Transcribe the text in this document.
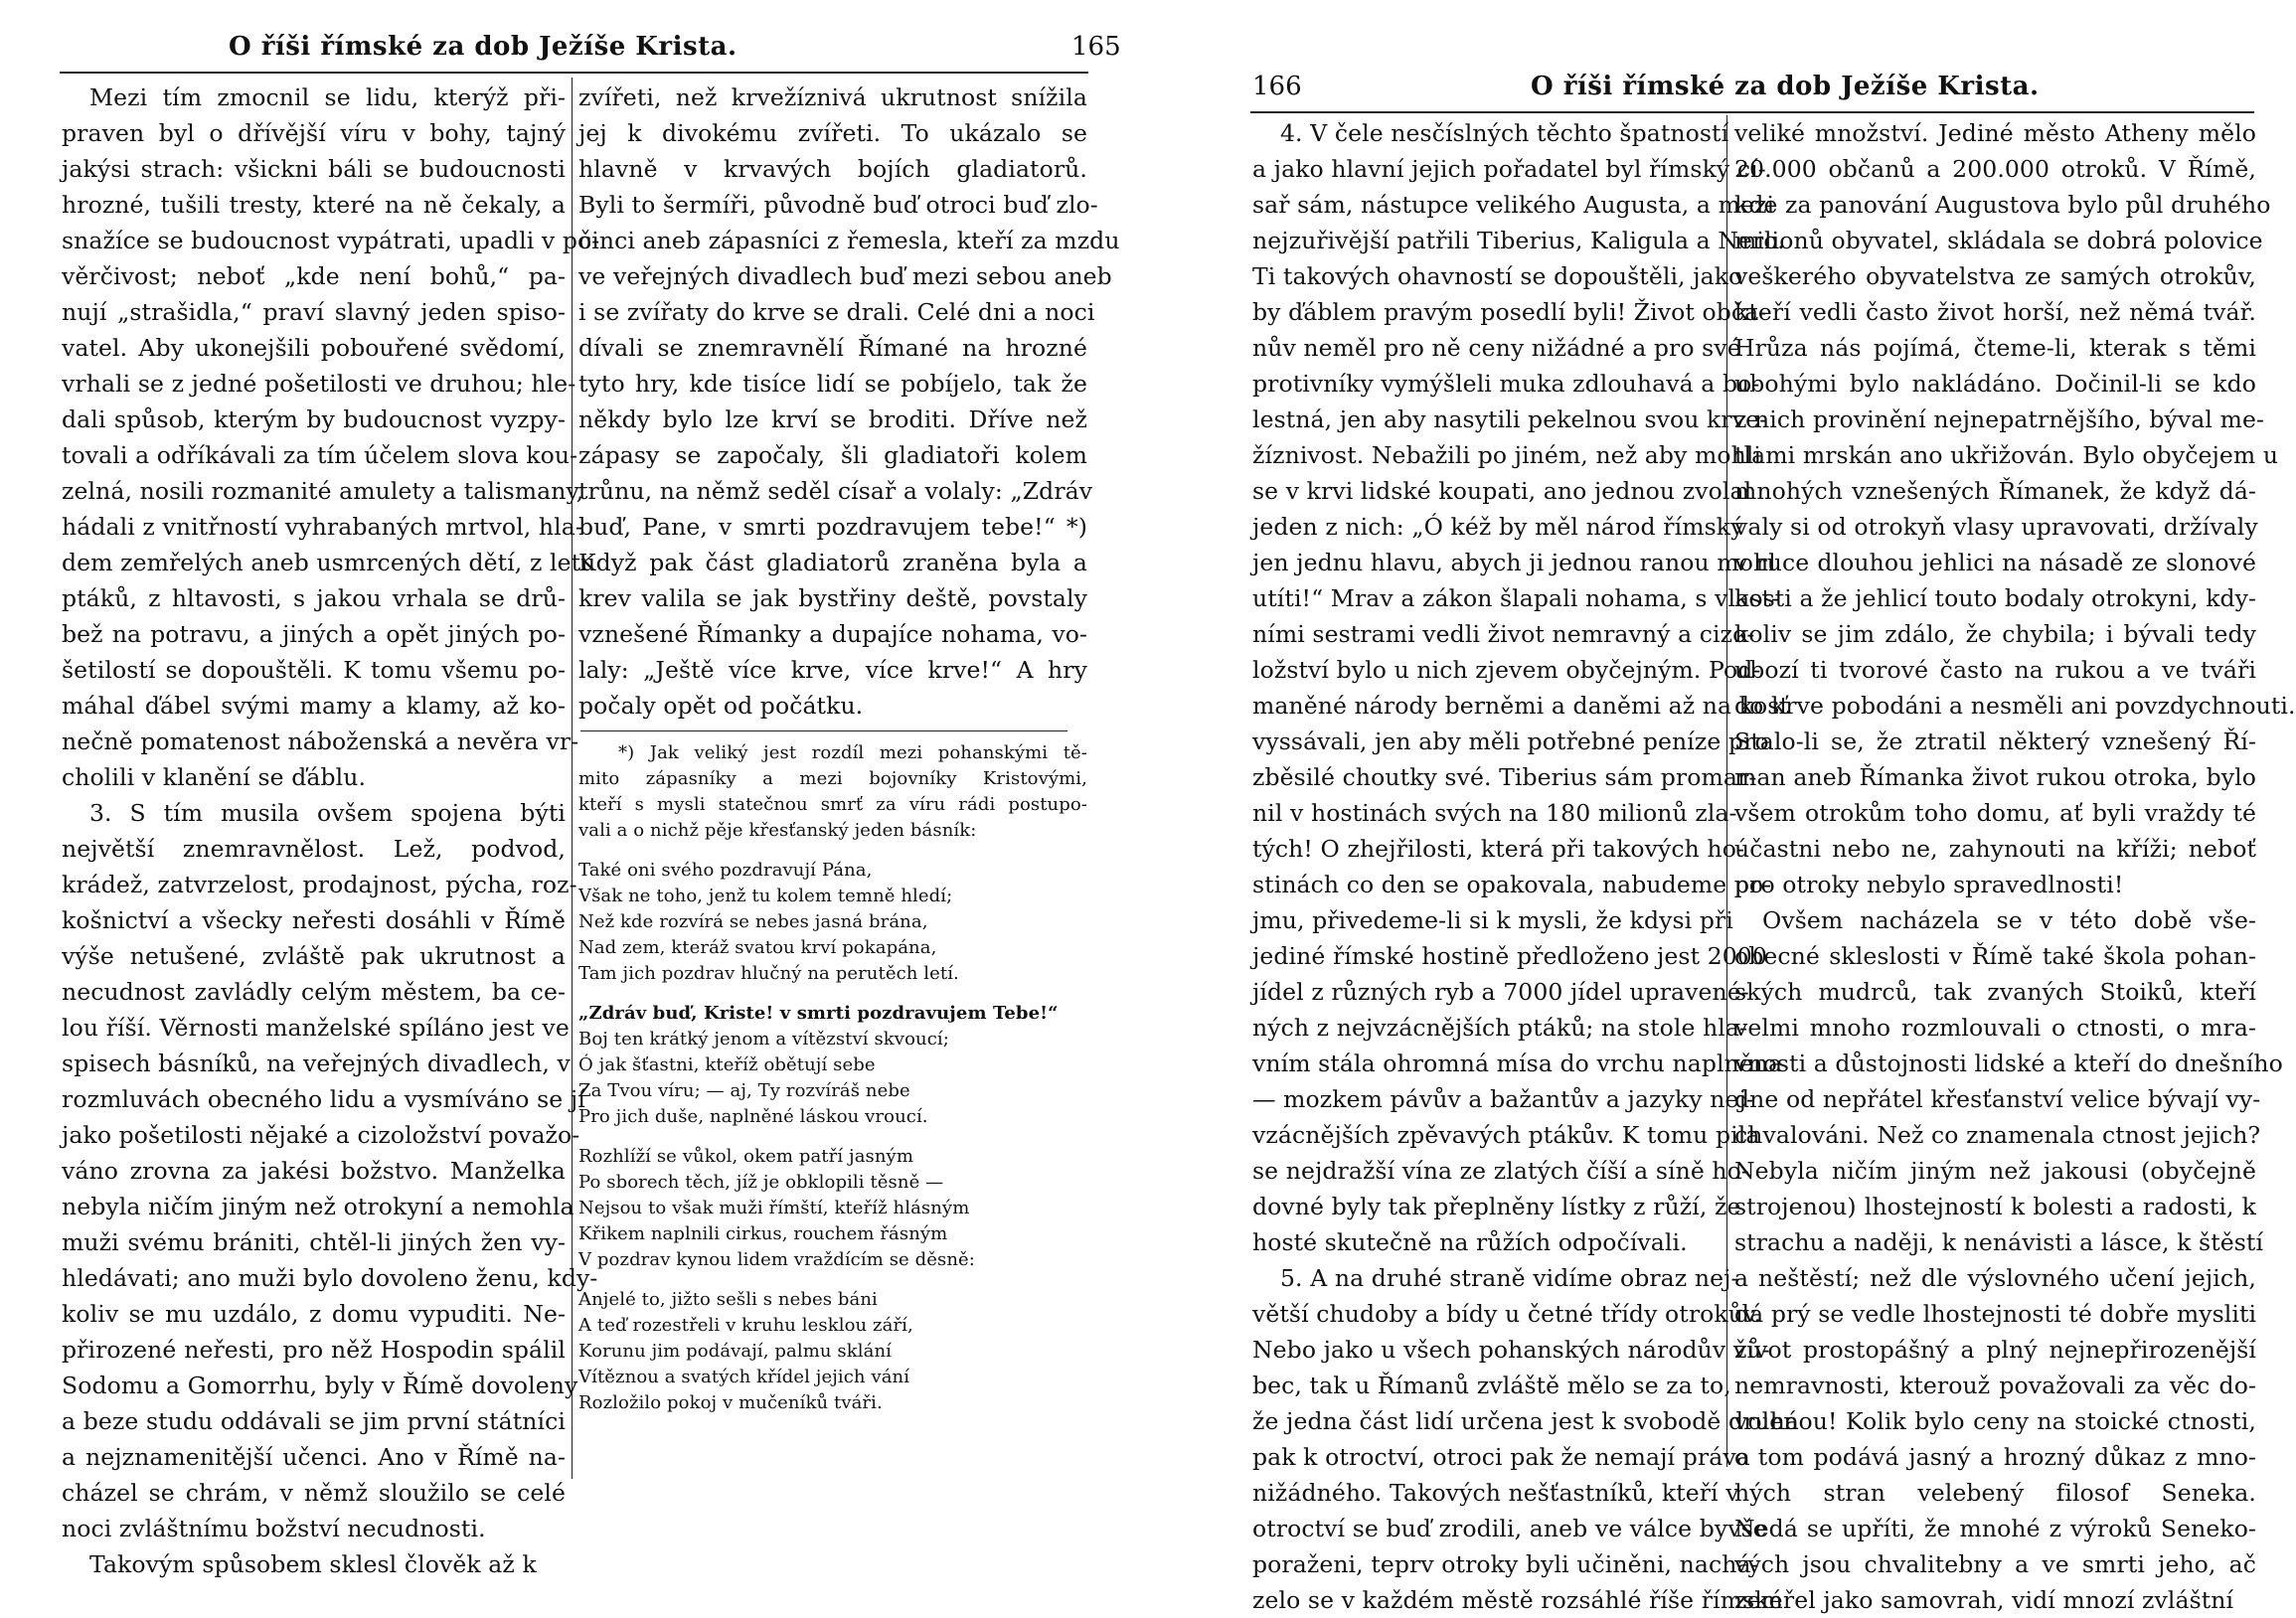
O říši římské za dob Ježíše Krista.	165
Mezi tím zmocnil se lidu, kterýž při-
praven byl o dřívější víru v bohy, tajný
jakýsi strach: všickni báli se budoucnosti
hrozné, tušili tresty, které na ně čekaly, a
snažíce se budoucnost vypátrati, upadli v po-
věrčivost; neboť „kde není bohů,“ pa-
nují „strašidla,“ praví slavný jeden spiso-
vatel. Aby ukonejšili pobouřené svědomí,
vrhali se z jedné pošetilosti ve druhou; hle-
dali spůsob, kterým by budoucnost vyzpy-
tovali a odříkávali za tím účelem slova kou-
zelná, nosili rozmanité amulety a talismany,
hádali z vnitřností vyhrabaných mrtvol, hla-
dem zemřelých aneb usmrcených dětí, z letu
ptáků, z hltavosti, s jakou vrhala se drů-
bež na potravu, a jiných a opět jiných po-
šetilostí se dopouštěli. K tomu všemu po-
máhal ďábel svými mamy a klamy, až ko-
nečně pomatenost náboženská a nevěra vr-
cholili v klanění se ďáblu.
3. S tím musila ovšem spojena býti
největší znemravnělost. Lež, podvod,
krádež, zatvrzelost, prodajnost, pýcha, roz-
košnictví a všecky neřesti dosáhli v Římě
výše netušené, zvláště pak ukrutnost a
necudnost zavládly celým městem, ba ce-
lou říší. Věrnosti manželské spíláno jest ve
spisech básníků, na veřejných divadlech, v
rozmluvách obecného lidu a vysmíváno se jí
jako pošetilosti nějaké a cizoložství považo-
váno zrovna za jakési božstvo. Manželka
nebyla ničím jiným než otrokyní a nemohla
muži svému brániti, chtěl-li jiných žen vy-
hledávati; ano muži bylo dovoleno ženu, kdy-
koliv se mu uzdálo, z domu vypuditi. Ne-
přirozené neřesti, pro něž Hospodin spálil
Sodomu a Gomorrhu, byly v Římě dovoleny
a beze studu oddávali se jim první státníci
a nejznamenitější učenci. Ano v Římě na-
cházel se chrám, v němž sloužilo se celé
noci zvláštnímu božství necudnosti.
Takovým spůsobem sklesl člověk až k
zvířeti, než krvežíznivá ukrutnost snížila
jej k divokému zvířeti. To ukázalo se
hlavně v krvavých bojích gladiatorů.
Byli to šermíři, původně buď otroci buď zlo-
činci aneb zápasníci z řemesla, kteří za mzdu
ve veřejných divadlech buď mezi sebou aneb
i se zvířaty do krve se drali. Celé dni a noci
dívali se znemravnělí Římané na hrozné
tyto hry, kde tisíce lidí se pobíjelo, tak že
někdy bylo lze krví se broditi. Dříve než
zápasy se započaly, šli gladiatoři kolem
trůnu, na němž seděl císař a volaly: „Zdráv
buď, Pane, v smrti pozdravujem tebe!“ *)
Když pak část gladiatorů zraněna byla a
krev valila se jak bystřiny deště, povstaly
vznešené Římanky a dupajíce nohama, vo-
laly: „Ještě více krve, více krve!“ A hry
počaly opět od počátku.
*) Jak veliký jest rozdíl mezi pohanskými tě-
mito zápasníky a mezi bojovníky Kristovými,
kteří s mysli statečnou smrť za víru rádi postupo-
vali a o nichž pěje křesťanský jeden básník:
Také oni svého pozdravují Pána,
Však ne toho, jenž tu kolem temně hledí;
Než kde rozvírá se nebes jasná brána,
Nad zem, kteráž svatou krví pokapána,
Tam jich pozdrav hlučný na perutěch letí.
„Zdráv buď, Kriste! v smrti pozdravujem Tebe!“
Boj ten krátký jenom a vítězství skvoucí;
Ó jak šťastni, kteříž obětují sebe
Za Tvou víru; — aj, Ty rozvíráš nebe
Pro jich duše, naplněné láskou vroucí.
Rozhlíží se vůkol, okem patří jasným
Po sborech těch, jíž je obklopili těsně —
Nejsou to však muži římští, kteříž hlásným
Křikem naplnili cirkus, rouchem řásným
V pozdrav kynou lidem vraždícím se děsně:
Anjelé to, jižto sešli s nebes báni
A teď rozestřeli v kruhu lesklou září,
Korunu jim podávají, palmu sklání
Vítěznou a svatých křídel jejich vání
Rozložilo pokoj v mučeníků tváři.
166	O říši římské za dob Ježíše Krista.
4. V čele nesčíslných těchto špatností
a jako hlavní jejich pořadatel byl římský cí-
sař sám, nástupce velikého Augusta, a mezi
nejzuřivější patřili Tiberius, Kaligula a Nero.
Ti takových ohavností se dopouštěli, jako
by ďáblem pravým posedlí byli! Život obča-
nův neměl pro ně ceny nižádné a pro své
protivníky vymýšleli muka zdlouhavá a bo-
lestná, jen aby nasytili pekelnou svou krve-
žíznivost. Nebažili po jiném, než aby mohli
se v krvi lidské koupati, ano jednou zvolal
jeden z nich: „Ó kéž by měl národ římský
jen jednu hlavu, abych ji jednou ranou mohl
utíti!“ Mrav a zákon šlapali nohama, s vlast-
ními sestrami vedli život nemravný a cizo-
ložství bylo u nich zjevem obyčejným. Pod-
maněné národy berněmi a daněmi až na kosť
vyssávali, jen aby měli potřebné peníze pro
zběsilé choutky své. Tiberius sám promar-
nil v hostinách svých na 180 milionů zla-
tých! O zhejřilosti, která při takových ho-
stinách co den se opakovala, nabudeme po-
jmu, přivedeme-li si k mysli, že kdysi při
jediné římské hostině předloženo jest 2000
jídel z různých ryb a 7000 jídel upravené-
ných z nejvzácnějších ptáků; na stole hla-
vním stála ohromná mísa do vrchu naplněna
— mozkem pávův a bažantův a jazyky nej-
vzácnějších zpěvavých ptákův. K tomu pila
se nejdražší vína ze zlatých číší a síně ho-
dovné byly tak přeplněny lístky z růží, že
hosté skutečně na růžích odpočívali.
5. A na druhé straně vidíme obraz nej-
větší chudoby a bídy u četné třídy otrokův.
Nebo jako u všech pohanských národův vů-
bec, tak u Římanů zvláště mělo se za to,
že jedna část lidí určena jest k svobodě druhá
pak k otroctví, otroci pak že nemají práva
nižádného. Takových nešťastníků, kteří v
otroctví se buď zrodili, aneb ve válce byvše
poraženi, teprv otroky byli učiněni, nachá-
zelo se v každém městě rozsáhlé říše římské
veliké množství. Jediné město Atheny mělo
20.000 občanů a 200.000 otroků. V Římě,
kde za panování Augustova bylo půl druhého
milionů obyvatel, skládala se dobrá polovice
veškerého obyvatelstva ze samých otrokův,
kteří vedli často život horší, než němá tvář.
Hrůza nás pojímá, čteme-li, kterak s těmi
ubohými bylo nakládáno. Dočinil-li se kdo
z nich provinění nejnepatrnějšího, býval me-
tlami mrskán ano ukřižován. Bylo obyčejem u
mnohých vznešených Římanek, že když dá-
valy si od otrokyň vlasy upravovati, držívaly
v ruce dlouhou jehlici na násadě ze slonové
kosti a že jehlicí touto bodaly otrokyni, kdy-
koliv se jim zdálo, že chybila; i bývali tedy
ubozí ti tvorové často na rukou a ve tváři
do krve pobodáni a nesměli ani povzdychnouti.
Stalo-li se, že ztratil některý vznešený Ří-
man aneb Římanka život rukou otroka, bylo
všem otrokům toho domu, ať byli vraždy té
účastni nebo ne, zahynouti na kříži; neboť
pro otroky nebylo spravedlnosti!
Ovšem nacházela se v této době vše-
obecné skleslosti v Římě také škola pohan-
ských mudrců, tak zvaných Stoiků, kteří
velmi mnoho rozmlouvali o ctnosti, o mra-
vnosti a důstojnosti lidské a kteří do dnešního
dne od nepřátel křesťanství velice bývají vy-
chvalováni. Než co znamenala ctnost jejich?
Nebyla ničím jiným než jakousi (obyčejně
strojenou) lhostejností k bolesti a radosti, k
strachu a naději, k nenávisti a lásce, k štěstí
a neštěstí; než dle výslovného učení jejich,
dá prý se vedle lhostejnosti té dobře mysliti
život prostopášný a plný nejnepřirozenější
nemravnosti, kterouž považovali za věc do-
volenou! Kolik bylo ceny na stoické ctnosti,
o tom podává jasný a hrozný důkaz z mno-
hých stran velebený filosof Seneka.
Nedá se upříti, že mnohé z výroků Seneko-
vých jsou chvalitebny a ve smrti jeho, ač
zemřel jako samovrah, vidí mnozí zvláštní
